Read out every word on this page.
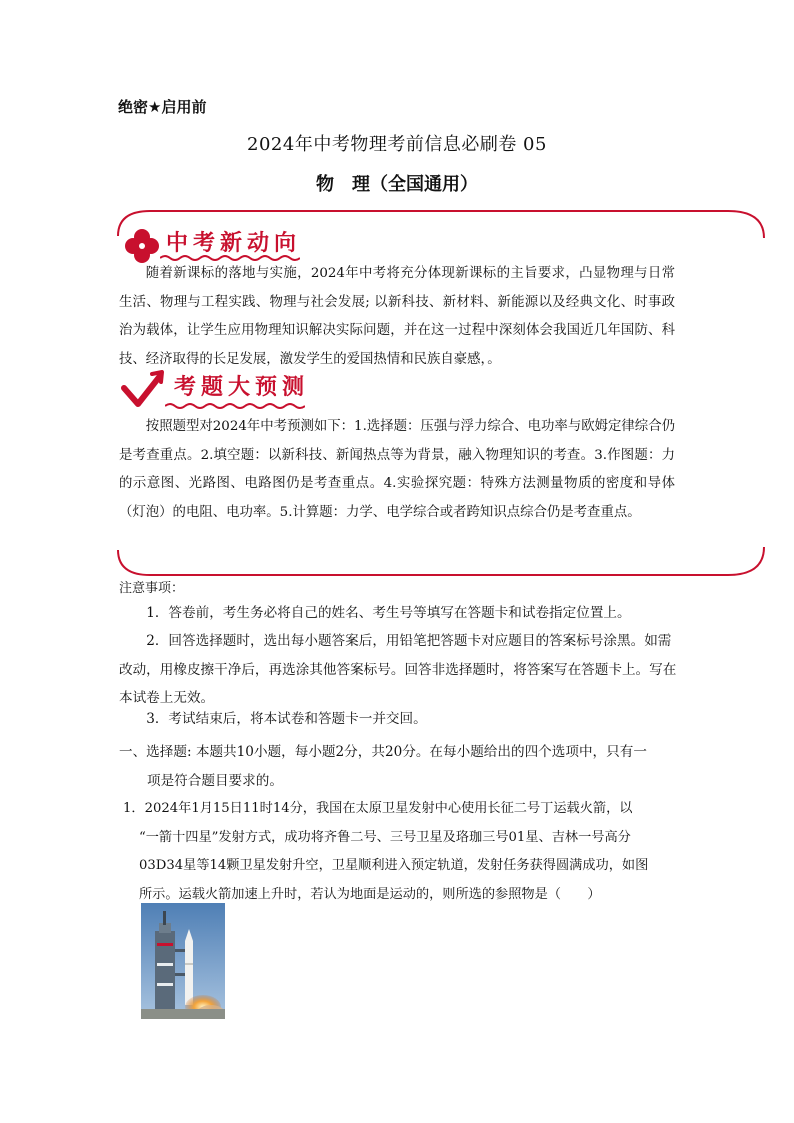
绝密★启用前
2024年中考物理考前信息必刷卷 05
物　理（全国通用）
中考新动向
随着新课标的落地与实施，2024年中考将充分体现新课标的主旨要求，凸显物理与日常生活、物理与工程实践、物理与社会发展; 以新科技、新材料、新能源以及经典文化、时事政治为载体，让学生应用物理知识解决实际问题，并在这一过程中深刻体会我国近几年国防、科技、经济取得的长足发展，激发学生的爱国热情和民族自豪感，。
考题大预测
按照题型对2024年中考预测如下：1.选择题：压强与浮力综合、电功率与欧姆定律综合仍是考查重点。2.填空题：以新科技、新闻热点等为背景，融入物理知识的考查。3.作图题：力的示意图、光路图、电路图仍是考查重点。4.实验探究题：特殊方法测量物质的密度和导体（灯泡）的电阻、电功率。5.计算题：力学、电学综合或者跨知识点综合仍是考查重点。
注意事项：
1．答卷前，考生务必将自己的姓名、考生号等填写在答题卡和试卷指定位置上。
2．回答选择题时，选出每小题答案后，用铅笔把答题卡对应题目的答案标号涂黑。如需改动，用橡皮擦干净后，再选涂其他答案标号。回答非选择题时，将答案写在答题卡上。写在本试卷上无效。
3．考试结束后，将本试卷和答题卡一并交回。
一、选择题: 本题共10小题，每小题2分，共20分。在每小题给出的四个选项中，只有一
项是符合题目要求的。
1．2024年1月15日11时14分，我国在太原卫星发射中心使用长征二号丁运载火箭，以
“一箭十四星”发射方式，成功将齐鲁二号、三号卫星及珞珈三号01星、吉林一号高分
03D34星等14颗卫星发射升空，卫星顺利进入预定轨道，发射任务获得圆满成功，如图
所示。运载火箭加速上升时，若认为地面是运动的，则所选的参照物是（　　）
